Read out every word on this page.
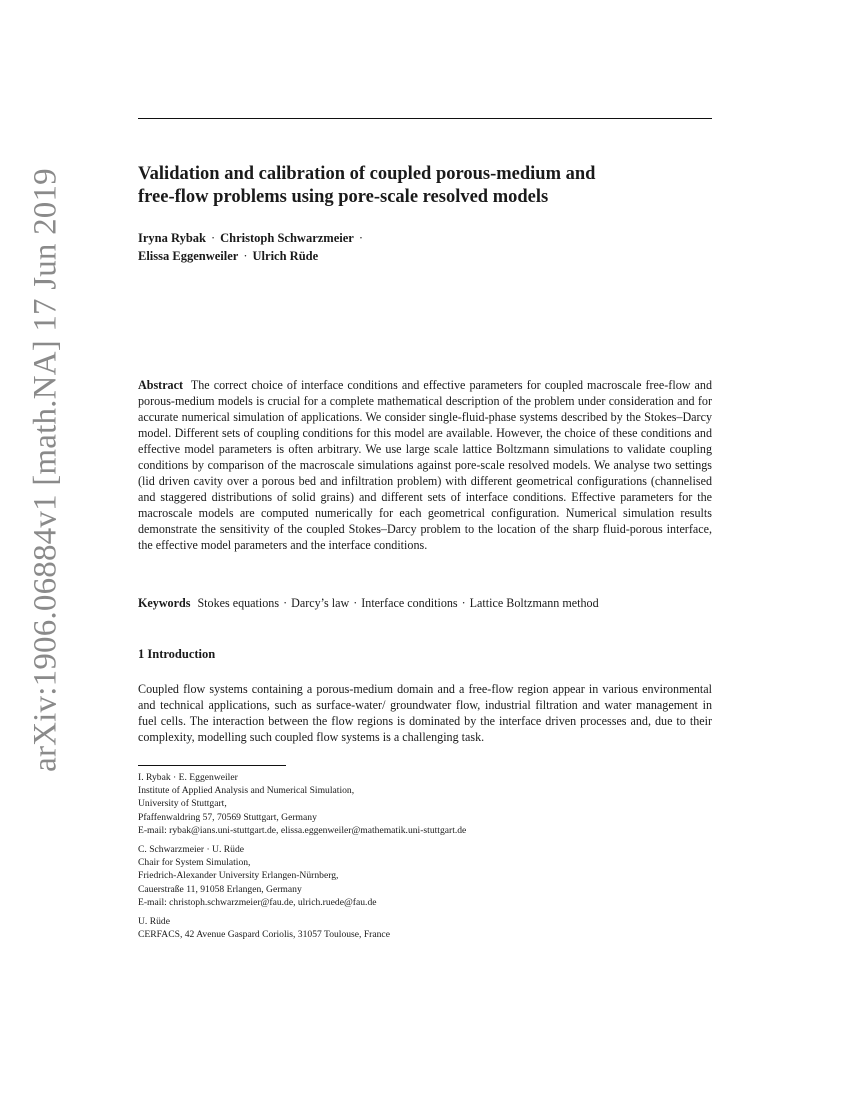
arXiv:1906.06884v1 [math.NA] 17 Jun 2019	Validation and calibration of coupled porous-medium and
free-flow problems using pore-scale resolved models
Iryna Rybak · Christoph Schwarzmeier ·
Elissa Eggenweiler · Ulrich Rüde

Abstract The correct choice of interface conditions and effective parameters for coupled macroscale free-flow and porous-medium models is crucial for a complete mathematical description of the problem under consideration and for accurate numerical simulation of applications. We consider single-fluid-phase systems described by the Stokes–Darcy model. Different sets of coupling conditions for this model are available. However, the choice of these conditions and effective model parameters is often arbitrary. We use large scale lattice Boltzmann simulations to validate coupling conditions by comparison of the macroscale simulations against pore-scale resolved models. We analyse two settings (lid driven cavity over a porous bed and infiltration problem) with different geometrical configurations (channelised and staggered distributions of solid grains) and different sets of interface conditions. Effective parameters for the macroscale models are computed numerically for each geometrical configuration. Numerical simulation results demonstrate the sensitivity of the coupled Stokes–Darcy problem to the location of the sharp fluid-porous interface, the effective model parameters and the interface conditions.

Keywords Stokes equations · Darcy’s law · Interface conditions · Lattice Boltzmann method
1 Introduction

Coupled flow systems containing a porous-medium domain and a free-flow region appear in various environmental and technical applications, such as surface-water/ groundwater flow, industrial filtration and water management in fuel cells. The interaction between the flow regions is dominated by the interface driven processes and, due to their complexity, modelling such coupled flow systems is a challenging task.

I. Rybak · E. Eggenweiler
Institute of Applied Analysis and Numerical Simulation,
University of Stuttgart,
Pfaffenwaldring 57, 70569 Stuttgart, Germany
E-mail: rybak@ians.uni-stuttgart.de, elissa.eggenweiler@mathematik.uni-stuttgart.de
C. Schwarzmeier · U. Rüde
Chair for System Simulation,
Friedrich-Alexander University Erlangen-Nürnberg,
Cauerstraße 11, 91058 Erlangen, Germany
E-mail: christoph.schwarzmeier@fau.de, ulrich.ruede@fau.de
U. Rüde
CERFACS, 42 Avenue Gaspard Coriolis, 31057 Toulouse, France
